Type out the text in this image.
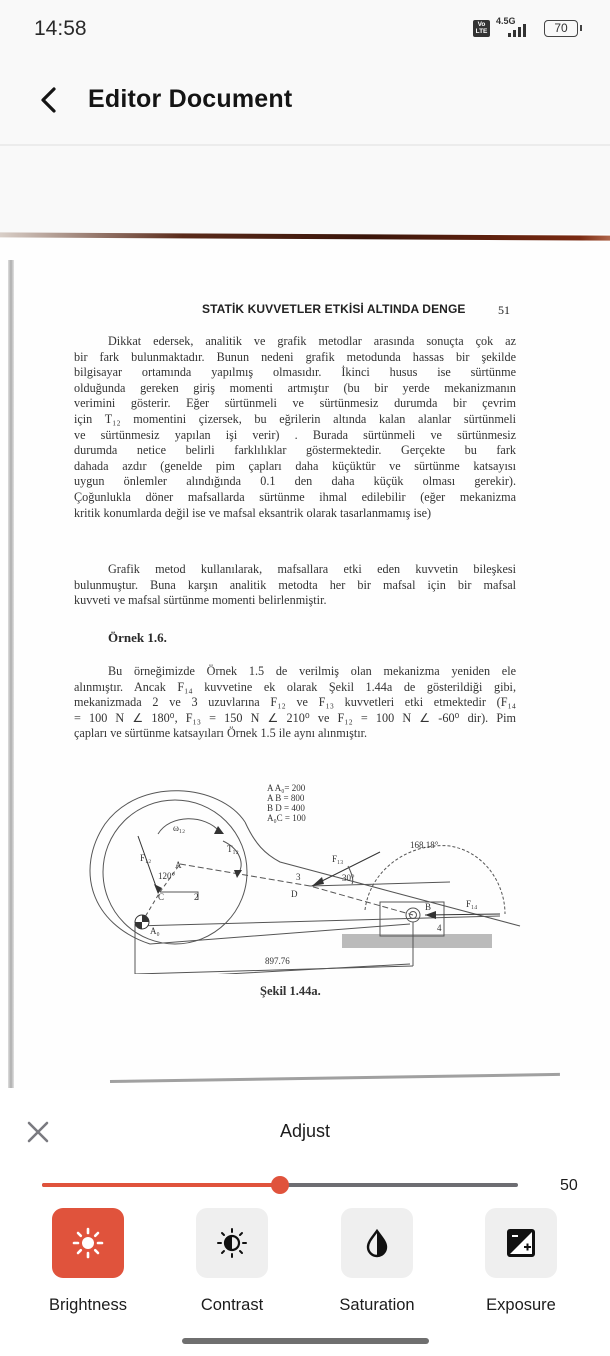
14:58	Vo
LTE
4.5G	70
Editor Document
STATİK KUVVETLER ETKİSİ ALTINDA DENGE	51
Dikkat edersek, analitik ve grafik metodlar arasında sonuçta çok az
bir fark bulunmaktadır. Bunun nedeni grafik metodunda hassas bir şekilde
bilgisayar ortamında yapılmış olmasıdır. İkinci husus ise sürtünme
olduğunda gereken giriş momenti artmıştır (bu bir yerde mekanizmanın
verimini gösterir. Eğer sürtünmeli ve sürtünmesiz durumda bir çevrim
için T₁₂ momentini çizersek, bu eğrilerin altında kalan alanlar sürtünmeli
ve sürtünmesiz yapılan işi verir) . Burada sürtünmeli ve sürtünmesiz
durumda netice belirli farklılıklar göstermektedir. Gerçekte bu fark
dahada azdır (genelde pim çapları daha küçüktür ve sürtünme katsayısı
uygun önlemler alındığında 0.1 den daha küçük olması gerekir).
Çoğunlukla döner mafsallarda sürtünme ihmal edilebilir (eğer mekanizma
kritik konumlarda değil ise ve mafsal eksantrik olarak tasarlanmamış ise)
Grafik metod kullanılarak, mafsallara etki eden kuvvetin bileşkesi
bulunmuştur. Buna karşın analitik metodta her bir mafsal için bir mafsal
kuvveti ve mafsal sürtünme momenti belirlenmiştir.
Örnek 1.6.
Bu örneğimizde Örnek 1.5 de verilmiş olan mekanizma yeniden ele
alınmıştır. Ancak F₁₄ kuvvetine ek olarak Şekil 1.44a de gösterildiği gibi,
mekanizmada 2 ve 3 uzuvlarına F₁₂ ve F₁₃ kuvvetleri etki etmektedir (F₁₄
= 100 N ∠ 180⁰, F₁₃ = 150 N ∠ 210⁰ ve F₁₂ = 100 N ∠ -60⁰ dir). Pim
çapları ve sürtünme katsayıları Örnek 1.5 ile aynı alınmıştır.
A A₀= 200
A B = 800
B D = 400
A₀C = 100
ω₁₂
T₁₂
F₁₂
A
120°
C	2
A₀
3
D
F₁₃
30°
168.18°
B
4
F₁₄
897.76
Şekil 1.44a.
Adjust
50
Brightness	Contrast	Saturation	Exposure
